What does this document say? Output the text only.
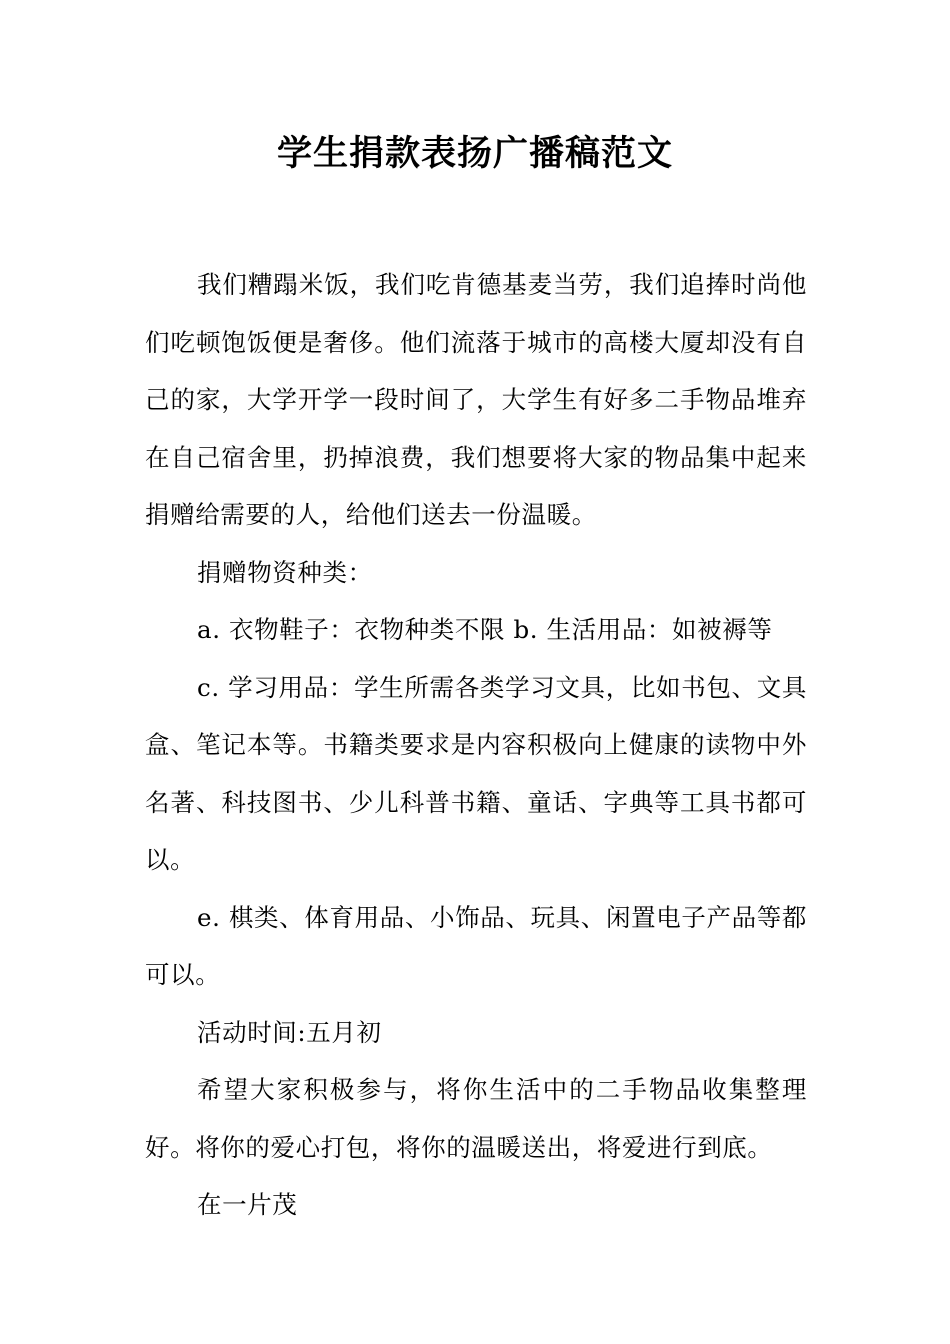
学生捐款表扬广播稿范文

我们糟蹋米饭，我们吃肯德基麦当劳，我们追捧时尚他们吃顿饱饭便是奢侈。他们流落于城市的高楼大厦却没有自己的家，大学开学一段时间了，大学生有好多二手物品堆弃在自己宿舍里，扔掉浪费，我们想要将大家的物品集中起来捐赠给需要的人，给他们送去一份温暖。

捐赠物资种类：

a. 衣物鞋子：衣物种类不限 b. 生活用品：如被褥等

c. 学习用品：学生所需各类学习文具，比如书包、文具盒、笔记本等。书籍类要求是内容积极向上健康的读物中外名著、科技图书、少儿科普书籍、童话、字典等工具书都可以。

e. 棋类、体育用品、小饰品、玩具、闲置电子产品等都可以。

活动时间:五月初

希望大家积极参与，将你生活中的二手物品收集整理好。将你的爱心打包，将你的温暖送出，将爱进行到底。

在一片茂
